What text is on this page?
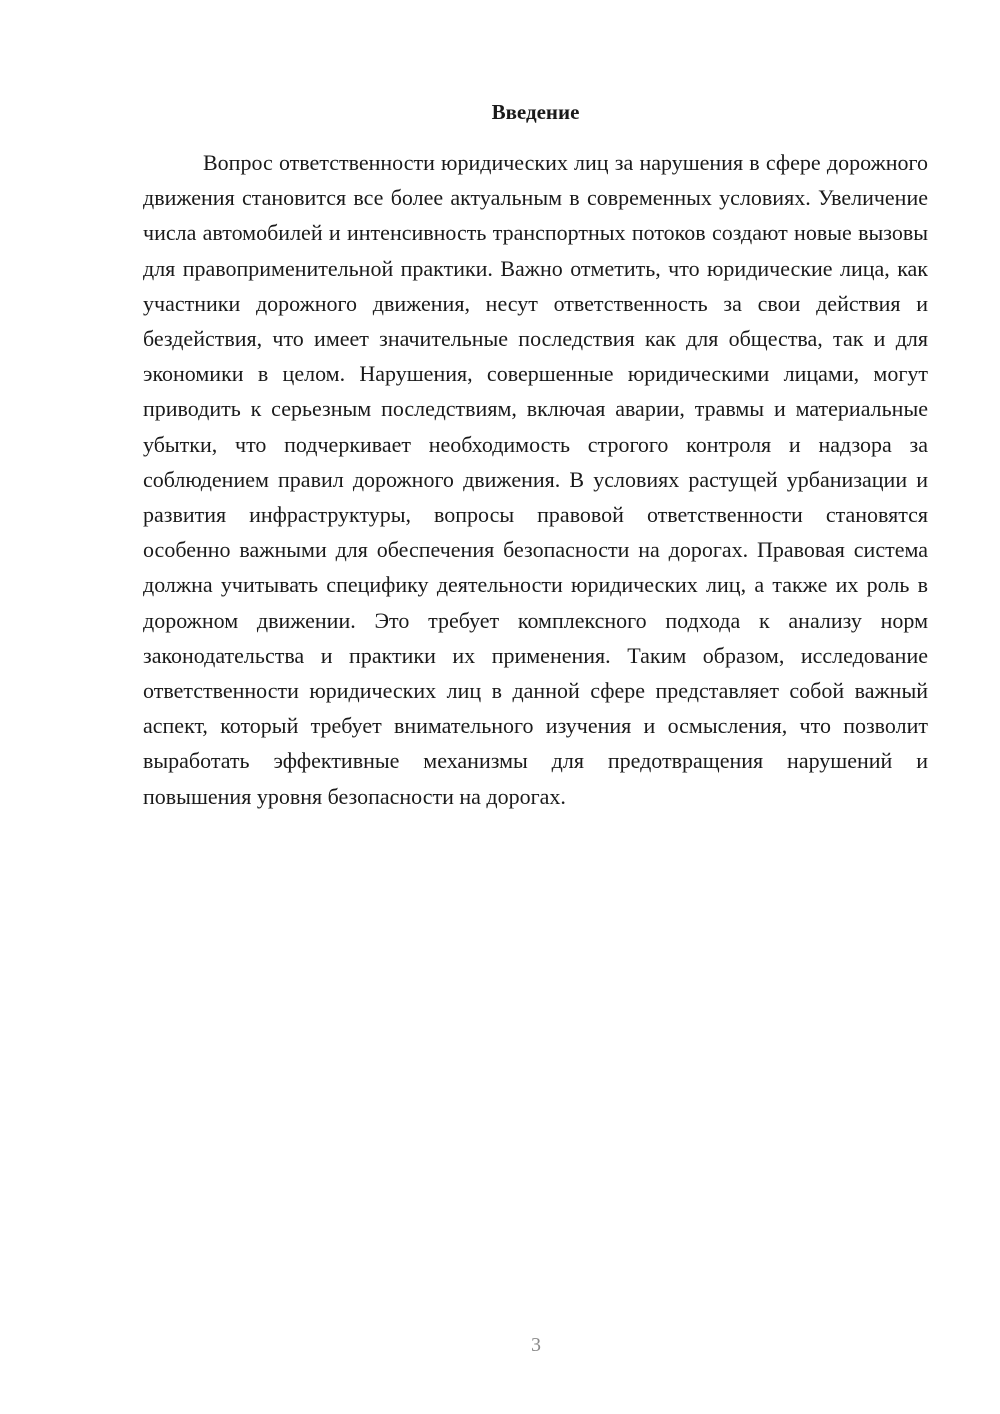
Введение

Вопрос ответственности юридических лиц за нарушения в сфере дорожного движения становится все более актуальным в современных условиях. Увеличение числа автомобилей и интенсивность транспортных потоков создают новые вызовы для правоприменительной практики. Важно отметить, что юридические лица, как участники дорожного движения, несут ответственность за свои действия и бездействия, что имеет значительные последствия как для общества, так и для экономики в целом. Нарушения, совершенные юридическими лицами, могут приводить к серьезным последствиям, включая аварии, травмы и материальные убытки, что подчеркивает необходимость строгого контроля и надзора за соблюдением правил дорожного движения. В условиях растущей урбанизации и развития инфраструктуры, вопросы правовой ответственности становятся особенно важными для обеспечения безопасности на дорогах. Правовая система должна учитывать специфику деятельности юридических лиц, а также их роль в дорожном движении. Это требует комплексного подхода к анализу норм законодательства и практики их применения. Таким образом, исследование ответственности юридических лиц в данной сфере представляет собой важный аспект, который требует внимательного изучения и осмысления, что позволит выработать эффективные механизмы для предотвращения нарушений и повышения уровня безопасности на дорогах.

3
